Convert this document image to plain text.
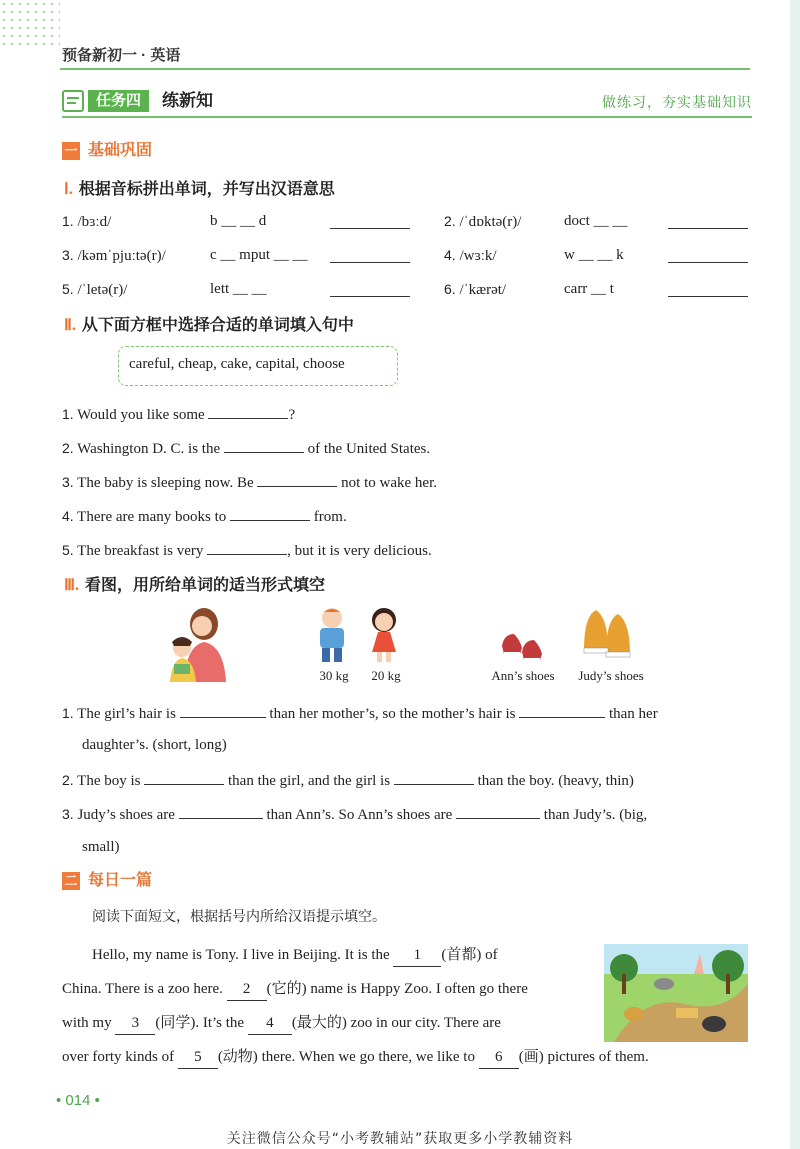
预备新初一 · 英语
任务四	练新知	做练习，夯实基础知识
一 基础巩固
Ⅰ. 根据音标拼出单词，并写出汉语意思
1. /bɜːd/	b __ __ d	2. /ˈdɒktə(r)/	doct __ __
3. /kəmˈpjuːtə(r)/	c __ mput __ __	4. /wɜːk/	w __ __ k
5. /ˈletə(r)/	lett __ __	6. /ˈkærət/	carr __ t
Ⅱ. 从下面方框中选择合适的单词填入句中
careful, cheap, cake, capital, choose
1. Would you like some	?
2. Washington D. C. is the	of the United States.
3. The baby is sleeping now. Be	not to wake her.
4. There are many books to	from.
5. The breakfast is very	, but it is very delicious.
Ⅲ. 看图，用所给单词的适当形式填空
30 kg	20 kg	Ann’s shoes	Judy’s shoes
1. The girl’s hair is	than her mother’s, so the mother’s hair is	than her
daughter’s. (short, long)
2. The boy is	than the girl, and the girl is	than the boy. (heavy, thin)
3. Judy’s shoes are	than Ann’s. So Ann’s shoes are	than Judy’s. (big,
small)
二 每日一篇
阅读下面短文，根据括号内所给汉语提示填空。
Hello, my name is Tony. I live in Beijing. It is the 1 (首都) of
China. There is a zoo here. 2 (它的) name is Happy Zoo. I often go there
with my 3 (同学). It’s the 4 (最大的) zoo in our city. There are
over forty kinds of 5 (动物) there. When we go there, we like to 6 (画) pictures of them.
• 014 •
关注微信公众号“小考教辅站”获取更多小学教辅资料
